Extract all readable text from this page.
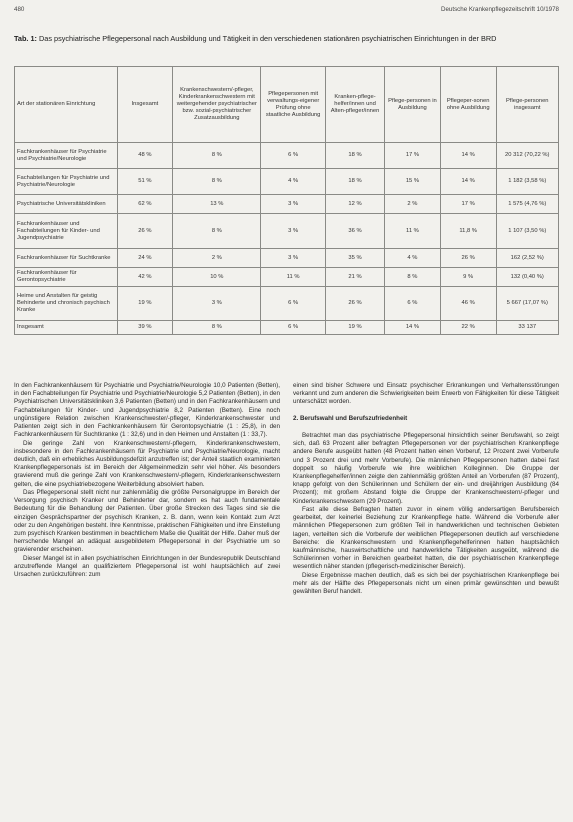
480	Deutsche Krankenpflegezeitschrift 10/1978
Tab. 1: Das psychiatrische Pflegepersonal nach Ausbildung und Tätigkeit in den verschiedenen stationären psychiatrischen Einrichtungen in der BRD
Art der stationären Einrichtung	Insgesamt	Krankenschwestern/-pfleger, Kinderkrankenschwestern mit weitergehender psychiatrischer bzw. sozial-psychiatrischer Zusatzausbildung	Pflegepersonen mit verwaltungs-eigener Prüfung ohne staatliche Ausbildung	Kranken-pflege-helfer/innen und Alten-pfleger/innen	Pflege-personen in Ausbildung	Pflegeper-sonen ohne Ausbildung	Pflege-personen insgesamt
Fachkrankenhäuser für Psychiatrie und Psychiatrie/Neurologie	48 %	8 %	6 %	18 %	17 %	14 %	20 312 (70,22 %)
Fachabteilungen für Psychiatrie und Psychiatrie/Neurologie	51 %	8 %	4 %	18 %	15 %	14 %	1 182 (3,58 %)
Psychiatrische Universitätskliniken	62 %	13 %	3 %	12 %	2 %	17 %	1 575 (4,76 %)
Fachkrankenhäuser und Fachabteilungen für Kinder- und Jugendpsychiatrie	26 %	8 %	3 %	36 %	11 %	11,8 %	1 107 (3,50 %)
Fachkrankenhäuser für Suchtkranke	24 %	2 %	3 %	35 %	4 %	26 %	162 (2,52 %)
Fachkrankenhäuser für Gerontopsychiatrie	42 %	10 %	11 %	21 %	8 %	9 %	132 (0,40 %)
Heime und Anstalten für geistig Behinderte und chronisch psychisch Kranke	19 %	3 %	6 %	26 %	6 %	46 %	5 667 (17,07 %)
Insgesamt	39 %	8 %	6 %	19 %	14 %	22 %	33 137

In den Fachkrankenhäusern für Psychiatrie und Psychiatrie/Neurologie 10,0 Patienten (Betten), in den Fachabteilungen für Psychiatrie und Psychiatrie/Neurologie 5,2 Patienten (Betten), in den Psychiatrischen Universitätskliniken 3,6 Patienten (Betten) und in den Fachkrankenhäusern und Fachabteilungen für Kinder- und Jugendpsychiatrie 8,2 Patienten (Betten). Eine noch ungünstigere Relation zwischen Krankenschwester/-pfleger, Kinderkrankenschwester und Patienten zeigt sich in den Fachkrankenhäusern für Gerontopsychiatrie (1 : 25,8), in den Fachkrankenhäusern für Suchtkranke (1 : 32,6) und in den Heimen und Anstalten (1 : 33,7).

Die geringe Zahl von Krankenschwestern/-pflegern, Kinderkrankenschwestern, insbesondere in den Fachkrankenhäusern für Psychiatrie und Psychiatrie/Neurologie, macht deutlich, daß ein erhebliches Ausbildungsdefizit anzutreffen ist; der Anteil staatlich examinierten Krankenpflegepersonals ist im Bereich der Allgemeinmedizin sehr viel höher. Als besonders gravierend muß die geringe Zahl von Krankenschwestern/-pflegern, Kinderkrankenschwestern gelten, die eine psychiatriebezogene Weiterbildung absolviert haben.

Das Pflegepersonal stellt nicht nur zahlenmäßig die größte Personalgruppe im Bereich der Versorgung psychisch Kranker und Behinderter dar, sondern es hat auch fundamentale Bedeutung für die Behandlung der Patienten. Über große Strecken des Tages sind sie die einzigen Gesprächspartner der psychisch Kranken, z. B. dann, wenn kein Kontakt zum Arzt oder zu den Angehörigen besteht. Ihre Kenntnisse, praktischen Fähigkeiten und ihre Einstellung zum psychisch Kranken bestimmen in beachtlichem Maße die Qualität der Hilfe. Daher muß der herrschende Mangel an adäquat ausgebildetem Pflegepersonal in der Psychiatrie um so gravierender erscheinen.

Dieser Mangel ist in allen psychiatrischen Einrichtungen in der Bundesrepublik Deutschland anzutreffende Mangel an qualifiziertem Pflegepersonal ist wohl hauptsächlich auf zwei Ursachen zurückzuführen: zum

einen sind bisher Schwere und Einsatz psychischer Erkrankungen und Verhaltensstörungen verkannt und zum anderen die Schwierigkeiten beim Erwerb von Fähigkeiten für diese Tätigkeit unterschätzt worden.

2. Berufswahl und Berufszufriedenheit

Betrachtet man das psychiatrische Pflegepersonal hinsichtlich seiner Berufswahl, so zeigt sich, daß 63 Prozent aller befragten Pflegepersonen vor der psychiatrischen Krankenpflege andere Berufe ausgeübt hatten (48 Prozent hatten einen Vorberuf, 12 Prozent zwei Vorberufe und 3 Prozent drei und mehr Vorberufe). Die männlichen Pflegepersonen hatten dabei fast doppelt so häufig Vorberufe wie ihre weiblichen Kolleginnen. Die Gruppe der Krankenpflegehelfer/innen zeigte den zahlenmäßig größten Anteil an Vorberufen (87 Prozent), knapp gefolgt von den Schülerinnen und Schülern der ein- und dreijährigen Ausbildung (84 Prozent); mit großem Abstand folgte die Gruppe der Krankenschwestern/-pfleger und Kinderkrankenschwestern (29 Prozent).

Fast alle diese Befragten hatten zuvor in einem völlig andersartigen Berufsbereich gearbeitet, der keinerlei Beziehung zur Krankenpflege hatte. Während die Vorberufe aller männlichen Pflegepersonen zum größten Teil in handwerklichen und technischen Gebieten lagen, verteilten sich die Vorberufe der weiblichen Pflegepersonen deutlich auf verschiedene Bereiche: die Krankenschwestern und Krankenpflegehelferinnen hatten hauptsächlich kaufmännische, hauswirtschaftliche und handwerkliche Tätigkeiten ausgeübt, während die Schülerinnen vorher in Bereichen gearbeitet hatten, die der psychiatrischen Krankenpflege wesentlich näher standen (pflegerisch-medizinischer Bereich).

Diese Ergebnisse machen deutlich, daß es sich bei der psychiatrischen Krankenpflege bei mehr als der Hälfte des Pflegepersonals nicht um einen primär gewünschten und bewußt gewählten Beruf handelt.
